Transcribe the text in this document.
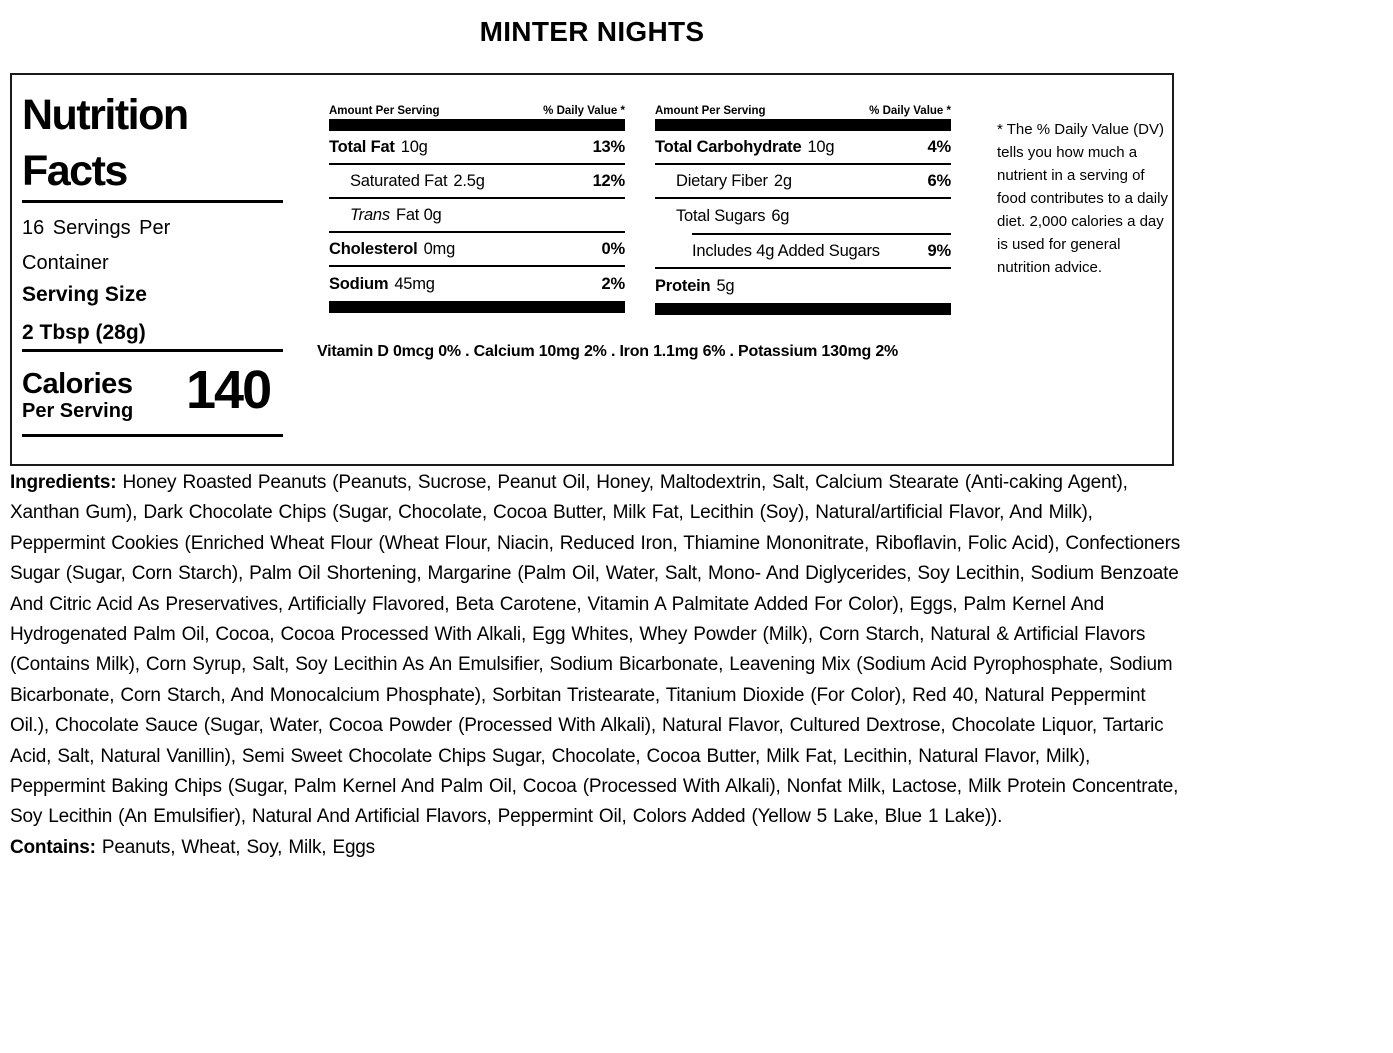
MINTER NIGHTS
Nutrition Facts
16 Servings Per Container
Serving Size
2 Tbsp (28g)
Calories
Per Serving 140
Amount Per Serving	% Daily Value *
Total Fat 10g	13%
Saturated Fat 2.5g	12%
Trans Fat 0g
Cholesterol 0mg	0%
Sodium 45mg	2%
Amount Per Serving	% Daily Value *
Total Carbohydrate 10g	4%
Dietary Fiber 2g	6%
Total Sugars 6g
Includes 4g Added Sugars	9%
Protein 5g
Vitamin D 0mcg 0% . Calcium 10mg 2% . Iron 1.1mg 6% . Potassium 130mg 2%
* The % Daily Value (DV) tells you how much a nutrient in a serving of food contributes to a daily diet. 2,000 calories a day is used for general nutrition advice.

Ingredients: Honey Roasted Peanuts (Peanuts, Sucrose, Peanut Oil, Honey, Maltodextrin, Salt, Calcium Stearate (Anti-caking Agent), Xanthan Gum), Dark Chocolate Chips (Sugar, Chocolate, Cocoa Butter, Milk Fat, Lecithin (Soy), Natural/artificial Flavor, And Milk), Peppermint Cookies (Enriched Wheat Flour (Wheat Flour, Niacin, Reduced Iron, Thiamine Mononitrate, Riboflavin, Folic Acid), Confectioners Sugar (Sugar, Corn Starch), Palm Oil Shortening, Margarine (Palm Oil, Water, Salt, Mono- And Diglycerides, Soy Lecithin, Sodium Benzoate And Citric Acid As Preservatives, Artificially Flavored, Beta Carotene, Vitamin A Palmitate Added For Color), Eggs, Palm Kernel And Hydrogenated Palm Oil, Cocoa, Cocoa Processed With Alkali, Egg Whites, Whey Powder (Milk), Corn Starch, Natural & Artificial Flavors (Contains Milk), Corn Syrup, Salt, Soy Lecithin As An Emulsifier, Sodium Bicarbonate, Leavening Mix (Sodium Acid Pyrophosphate, Sodium Bicarbonate, Corn Starch, And Monocalcium Phosphate), Sorbitan Tristearate, Titanium Dioxide (For Color), Red 40, Natural Peppermint Oil.), Chocolate Sauce (Sugar, Water, Cocoa Powder (Processed With Alkali), Natural Flavor, Cultured Dextrose, Chocolate Liquor, Tartaric Acid, Salt, Natural Vanillin), Semi Sweet Chocolate Chips Sugar, Chocolate, Cocoa Butter, Milk Fat, Lecithin, Natural Flavor, Milk), Peppermint Baking Chips (Sugar, Palm Kernel And Palm Oil, Cocoa (Processed With Alkali), Nonfat Milk, Lactose, Milk Protein Concentrate, Soy Lecithin (An Emulsifier), Natural And Artificial Flavors, Peppermint Oil, Colors Added (Yellow 5 Lake, Blue 1 Lake)).

Contains: Peanuts, Wheat, Soy, Milk, Eggs
